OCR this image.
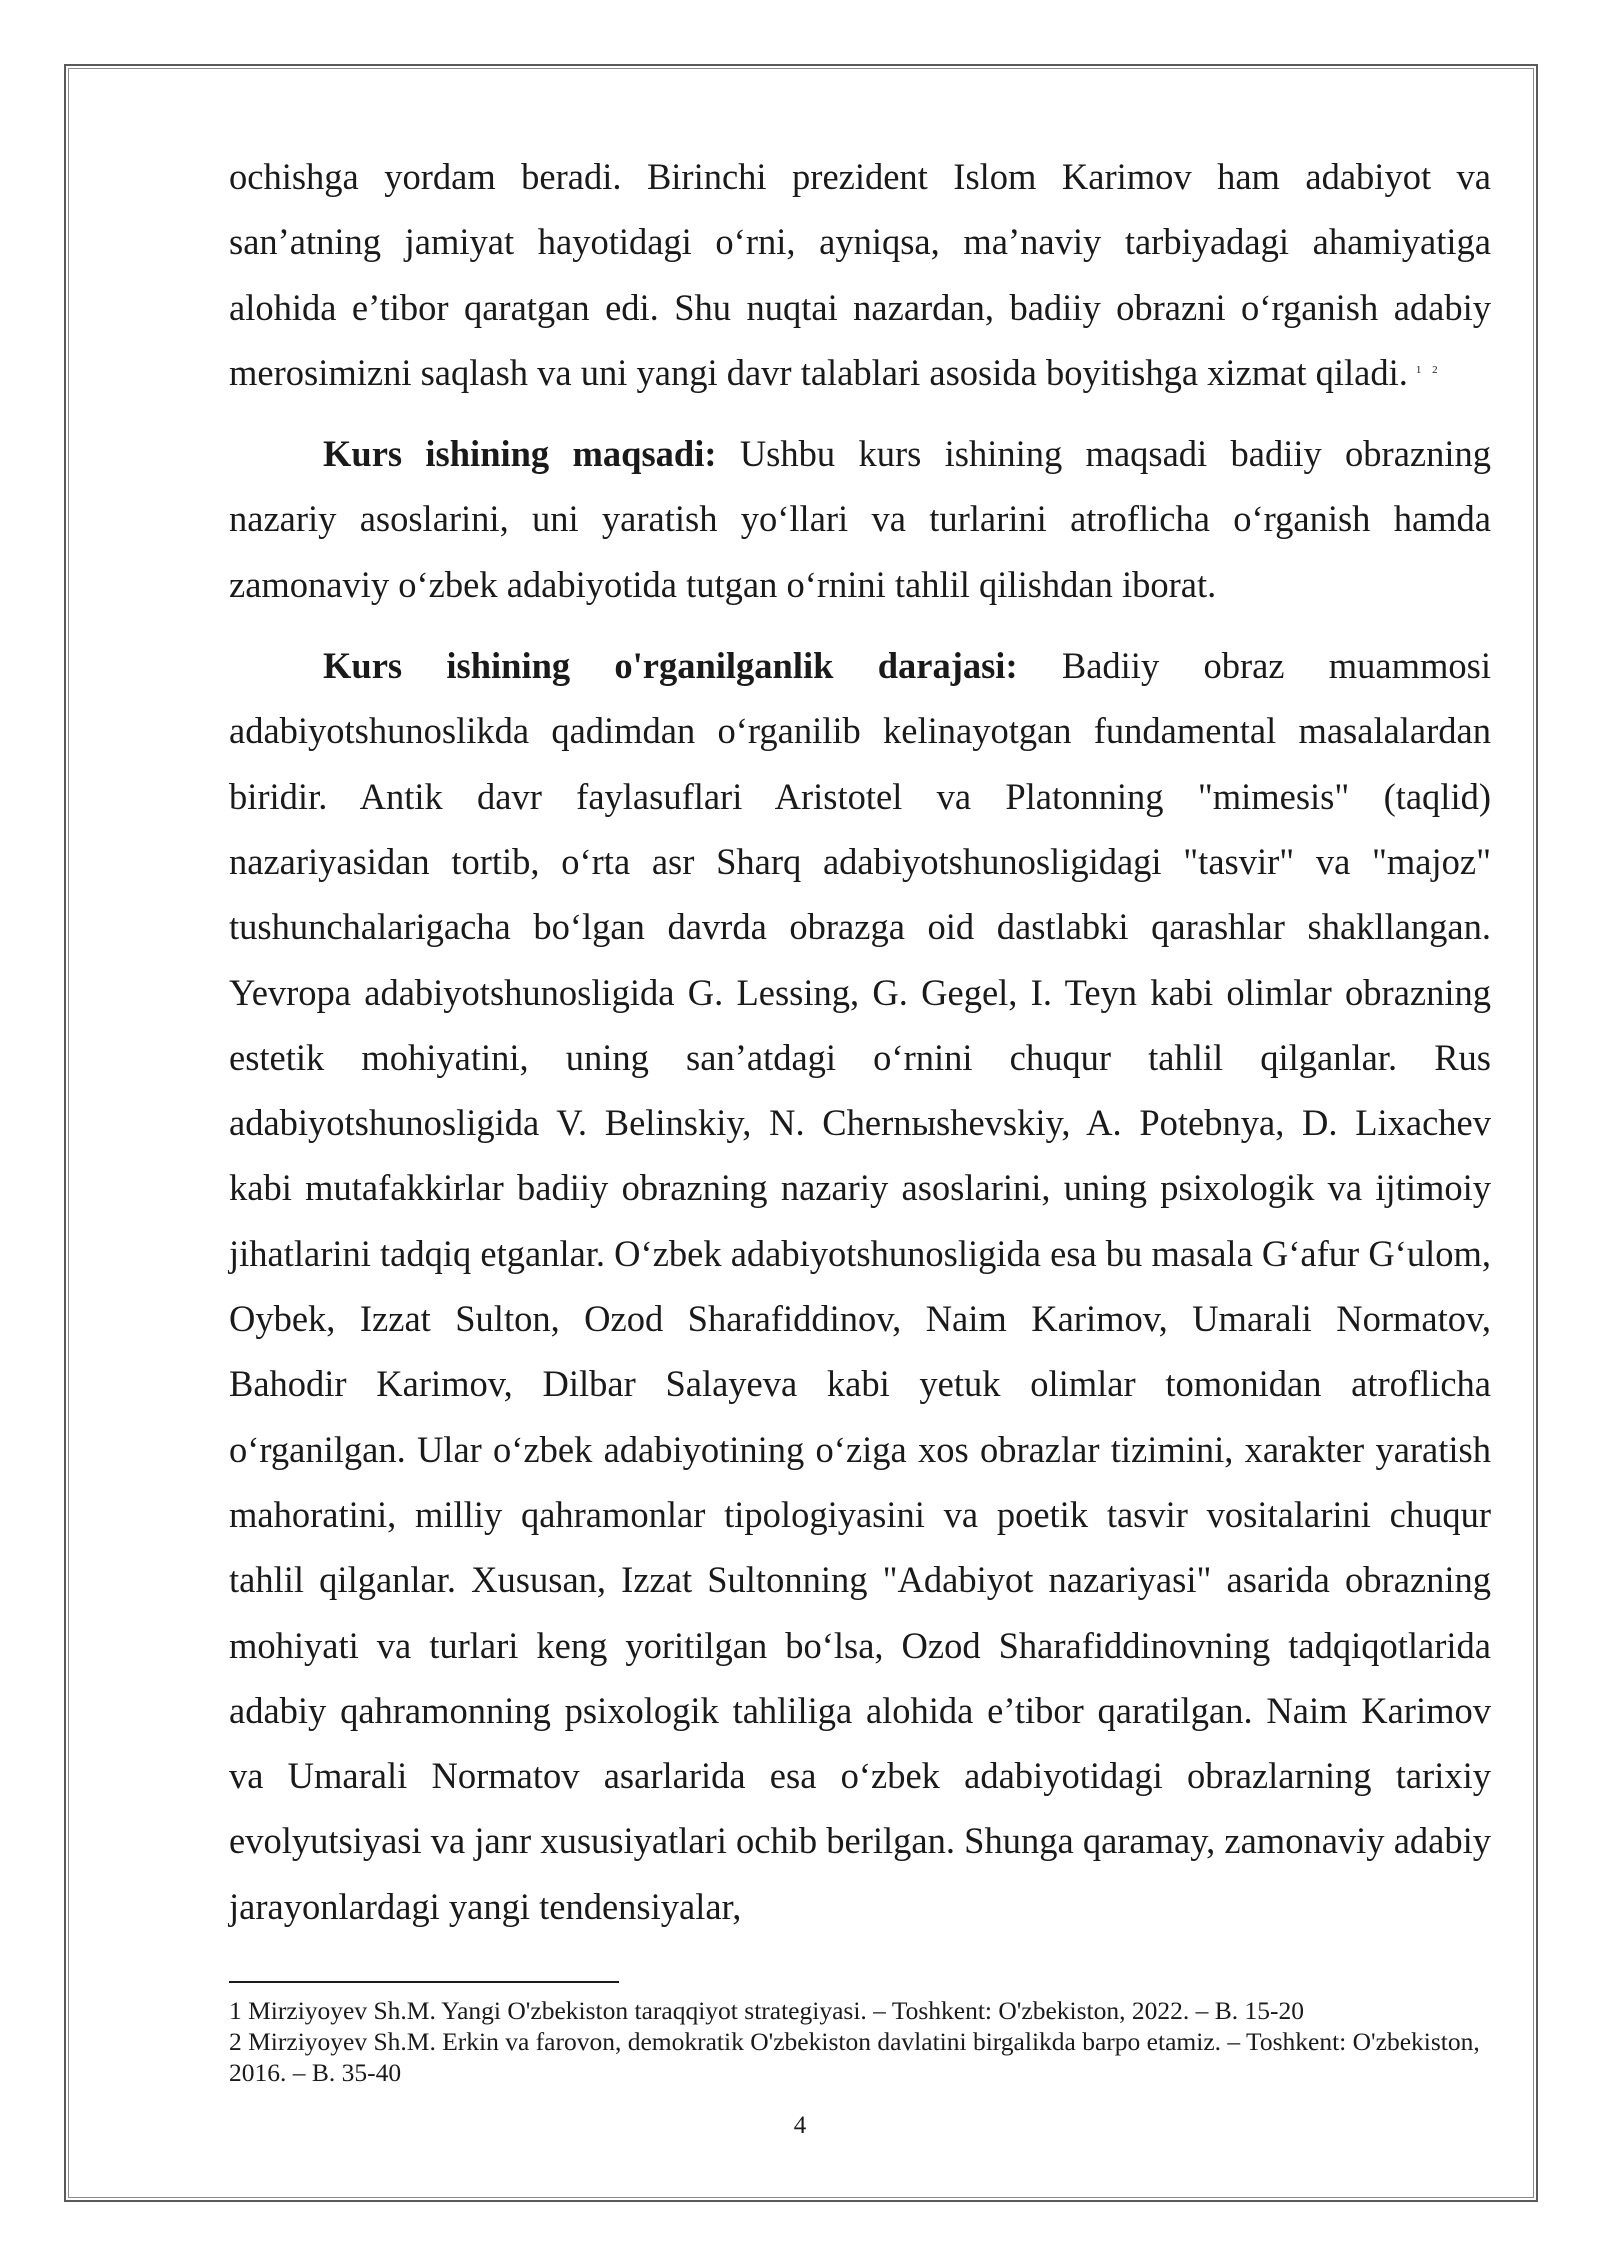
ochishga yordam beradi. Birinchi prezident Islom Karimov ham adabiyot va san’atning jamiyat hayotidagi o‘rni, ayniqsa, ma’naviy tarbiyadagi ahamiyatiga alohida e’tibor qaratgan edi. Shu nuqtai nazardan, badiiy obrazni o‘rganish adabiy merosimizni saqlash va uni yangi davr talablari asosida boyitishga xizmat qiladi. $^{1 2}$

Kurs ishining maqsadi: Ushbu kurs ishining maqsadi badiiy obrazning nazariy asoslarini, uni yaratish yo‘llari va turlarini atroflicha o‘rganish hamda zamonaviy o‘zbek adabiyotida tutgan o‘rnini tahlil qilishdan iborat.

Kurs ishining o'rganilganlik darajasi: Badiiy obraz muammosi adabiyotshunoslikda qadimdan o‘rganilib kelinayotgan fundamental masalalardan biridir. Antik davr faylasuflari Aristotel va Platonning "mimesis" (taqlid) nazariyasidan tortib, o‘rta asr Sharq adabiyotshunosligidagi "tasvir" va "majoz" tushunchalarigacha bo‘lgan davrda obrazga oid dastlabki qarashlar shakllangan. Yevropa adabiyotshunosligida G. Lessing, G. Gegel, I. Teyn kabi olimlar obrazning estetik mohiyatini, uning san’atdagi o‘rnini chuqur tahlil qilganlar. Rus adabiyotshunosligida V. Belinskiy, N. Chernыshevskiy, A. Potebnya, D. Lixachev kabi mutafakkirlar badiiy obrazning nazariy asoslarini, uning psixologik va ijtimoiy jihatlarini tadqiq etganlar. O‘zbek adabiyotshunosligida esa bu masala G‘afur G‘ulom, Oybek, Izzat Sulton, Ozod Sharafiddinov, Naim Karimov, Umarali Normatov, Bahodir Karimov, Dilbar Salayeva kabi yetuk olimlar tomonidan atroflicha o‘rganilgan. Ular o‘zbek adabiyotining o‘ziga xos obrazlar tizimini, xarakter yaratish mahoratini, milliy qahramonlar tipologiyasini va poetik tasvir vositalarini chuqur tahlil qilganlar. Xususan, Izzat Sultonning "Adabiyot nazariyasi" asarida obrazning mohiyati va turlari keng yoritilgan bo‘lsa, Ozod Sharafiddinovning tadqiqotlarida adabiy qahramonning psixologik tahliliga alohida e’tibor qaratilgan. Naim Karimov va Umarali Normatov asarlarida esa o‘zbek adabiyotidagi obrazlarning tarixiy evolyutsiyasi va janr xususiyatlari ochib berilgan. Shunga qaramay, zamonaviy adabiy jarayonlardagi yangi tendensiyalar,

1 Mirziyoyev Sh.M. Yangi O'zbekiston taraqqiyot strategiyasi. – Toshkent: O'zbekiston, 2022. – B. 15-20

2 Mirziyoyev Sh.M. Erkin va farovon, demokratik O'zbekiston davlatini birgalikda barpo etamiz. – Toshkent: O'zbekiston, 2016. – B. 35-40

4
